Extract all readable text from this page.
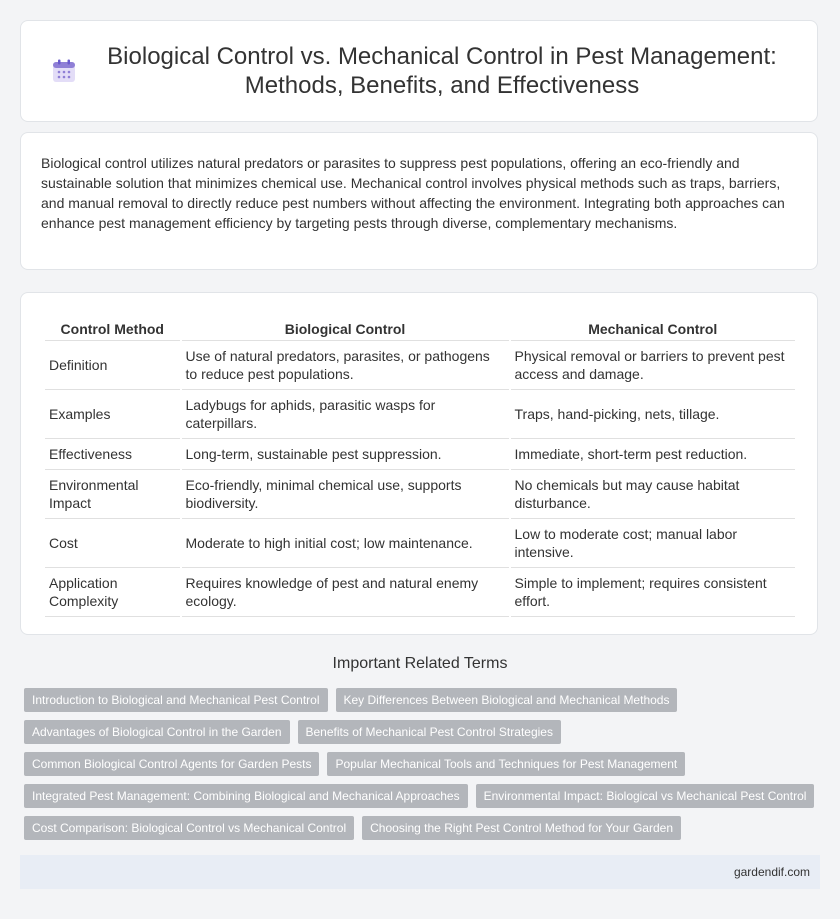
Biological Control vs. Mechanical Control in Pest Management: Methods, Benefits, and Effectiveness

Biological control utilizes natural predators or parasites to suppress pest populations, offering an eco-friendly and sustainable solution that minimizes chemical use. Mechanical control involves physical methods such as traps, barriers, and manual removal to directly reduce pest numbers without affecting the environment. Integrating both approaches can enhance pest management efficiency by targeting pests through diverse, complementary mechanisms.

Control Method	Biological Control	Mechanical Control
Definition	Use of natural predators, parasites, or pathogens to reduce pest populations.	Physical removal or barriers to prevent pest access and damage.
Examples	Ladybugs for aphids, parasitic wasps for caterpillars.	Traps, hand-picking, nets, tillage.
Effectiveness	Long-term, sustainable pest suppression.	Immediate, short-term pest reduction.
Environmental Impact	Eco-friendly, minimal chemical use, supports biodiversity.	No chemicals but may cause habitat disturbance.
Cost	Moderate to high initial cost; low maintenance.	Low to moderate cost; manual labor intensive.
Application Complexity	Requires knowledge of pest and natural enemy ecology.	Simple to implement; requires consistent effort.
Important Related Terms
Introduction to Biological and Mechanical Pest Control	Key Differences Between Biological and Mechanical Methods
Advantages of Biological Control in the Garden	Benefits of Mechanical Pest Control Strategies
Common Biological Control Agents for Garden Pests	Popular Mechanical Tools and Techniques for Pest Management
Integrated Pest Management: Combining Biological and Mechanical Approaches	Environmental Impact: Biological vs Mechanical Pest Control
Cost Comparison: Biological Control vs Mechanical Control	Choosing the Right Pest Control Method for Your Garden
gardendif.com
